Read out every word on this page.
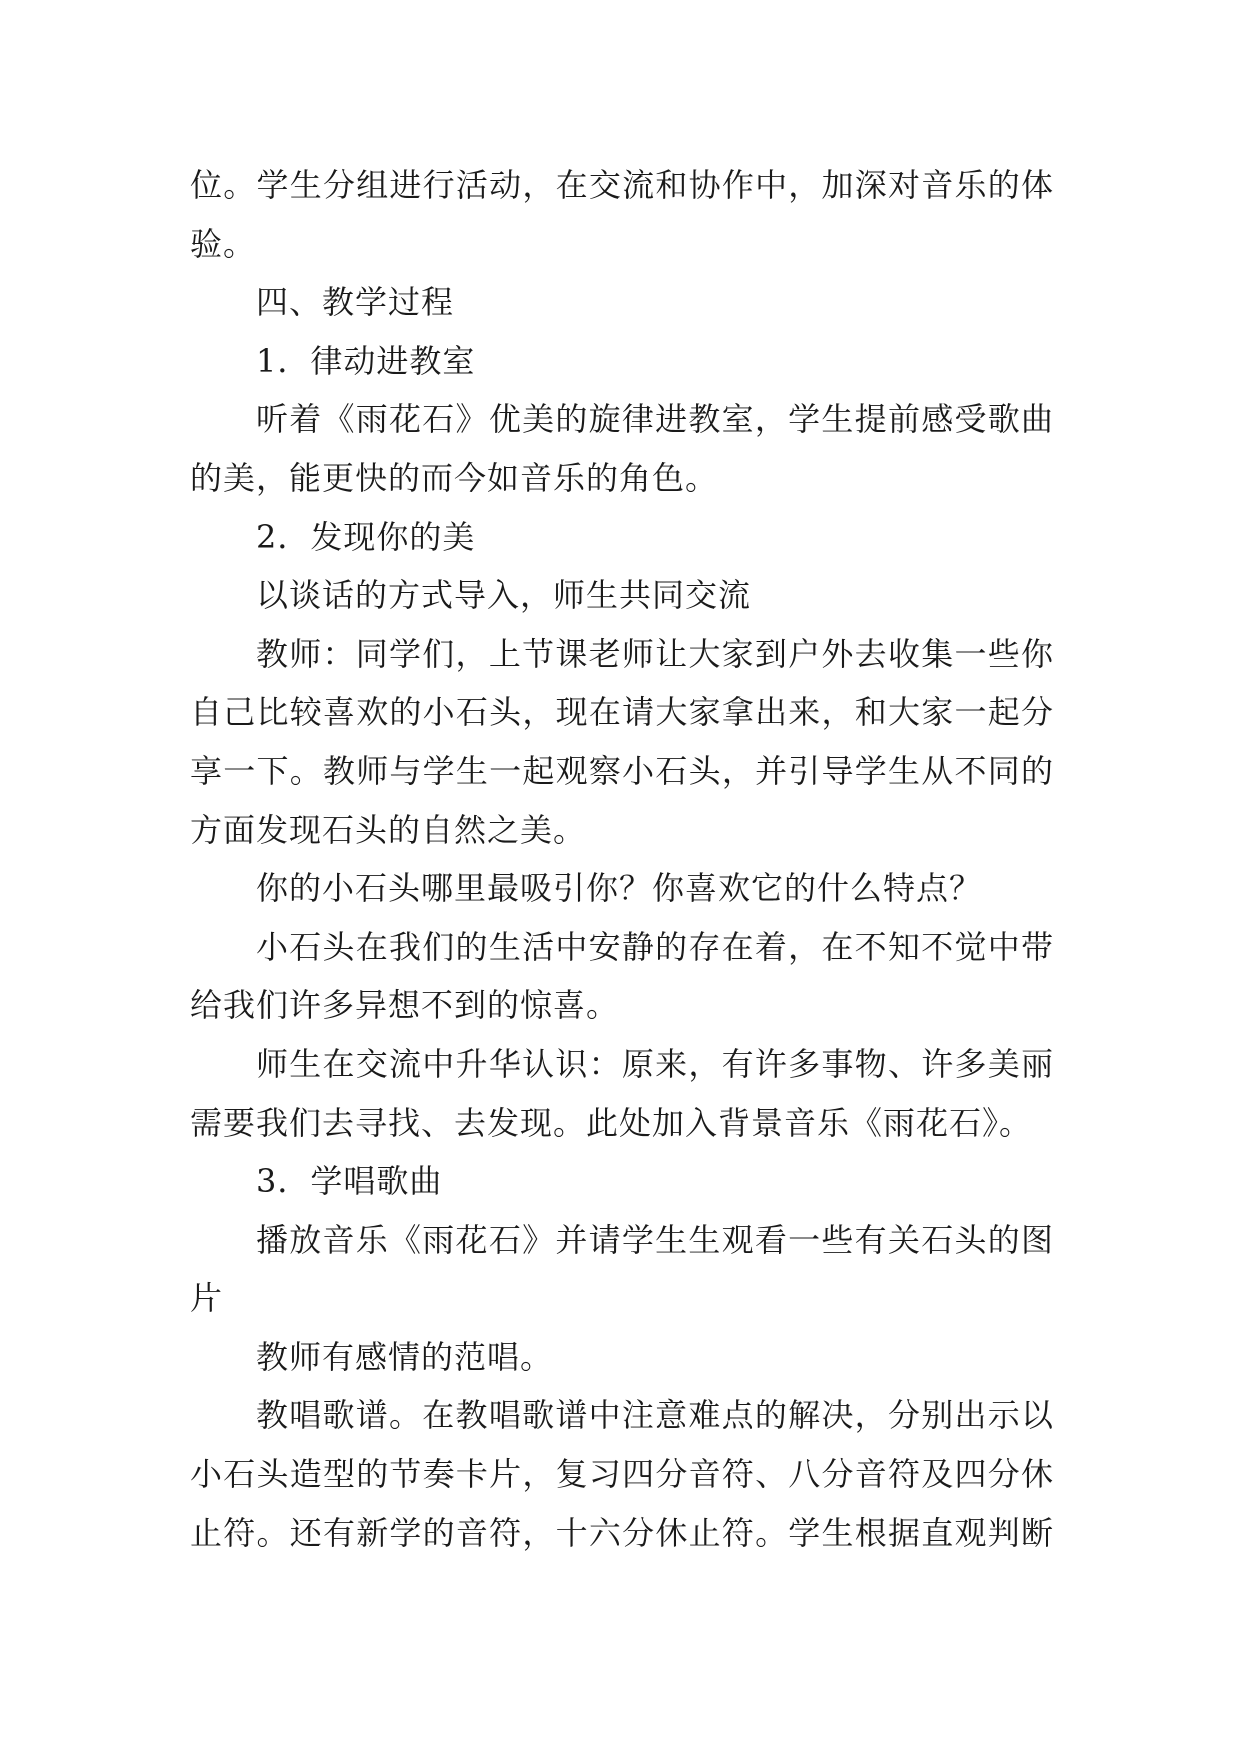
位。学生分组进行活动，在交流和协作中，加深对音乐的体
验。

四、教学过程

1．律动进教室

听着《雨花石》优美的旋律进教室，学生提前感受歌曲
的美，能更快的而今如音乐的角色。

2．发现你的美

以谈话的方式导入，师生共同交流

教师：同学们，上节课老师让大家到户外去收集一些你
自己比较喜欢的小石头，现在请大家拿出来，和大家一起分
享一下。教师与学生一起观察小石头，并引导学生从不同的
方面发现石头的自然之美。

你的小石头哪里最吸引你？你喜欢它的什么特点？

小石头在我们的生活中安静的存在着，在不知不觉中带
给我们许多异想不到的惊喜。

师生在交流中升华认识：原来，有许多事物、许多美丽
需要我们去寻找、去发现。此处加入背景音乐《雨花石》。

3．学唱歌曲

播放音乐《雨花石》并请学生生观看一些有关石头的图
片

教师有感情的范唱。

教唱歌谱。在教唱歌谱中注意难点的解决，分别出示以
小石头造型的节奏卡片，复习四分音符、八分音符及四分休
止符。还有新学的音符，十六分休止符。学生根据直观判断
